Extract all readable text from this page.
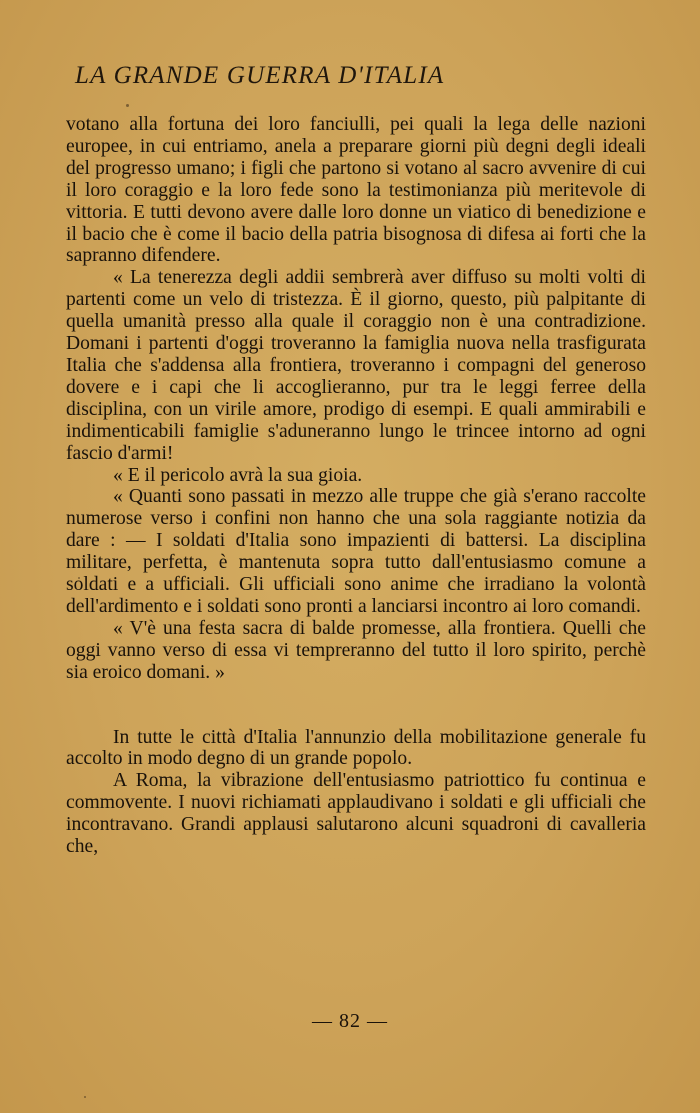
LA GRANDE GUERRA D'ITALIA

votano alla fortuna dei loro fanciulli, pei quali la lega delle nazioni europee, in cui entriamo, anela a preparare giorni più degni degli ideali del progresso umano; i figli che partono si votano al sacro avvenire di cui il loro coraggio e la loro fede sono la testimonianza più meritevole di vittoria. E tutti devono avere dalle loro donne un viatico di benedizione e il bacio che è come il bacio della patria bisognosa di difesa ai forti che la sapranno difendere.

« La tenerezza degli addii sembrerà aver diffuso su molti volti di partenti come un velo di tristezza. È il giorno, questo, più palpitante di quella umanità presso alla quale il coraggio non è una contradizione. Domani i partenti d'oggi troveranno la famiglia nuova nella trasfigurata Italia che s'addensa alla frontiera, troveranno i compagni del generoso dovere e i capi che li accoglieranno, pur tra le leggi ferree della disciplina, con un virile amore, prodigo di esempi. E quali ammirabili e indimenticabili famiglie s'aduneranno lungo le trincee intorno ad ogni fascio d'armi!

« E il pericolo avrà la sua gioia.

« Quanti sono passati in mezzo alle truppe che già s'erano raccolte numerose verso i confini non hanno che una sola raggiante notizia da dare : — I soldati d'Italia sono impazienti di battersi. La disciplina militare, perfetta, è mantenuta sopra tutto dall'entusiasmo comune a soldati e a ufficiali. Gli ufficiali sono anime che irradiano la volontà dell'ardimento e i soldati sono pronti a lanciarsi incontro ai loro comandi.

« V'è una festa sacra di balde promesse, alla frontiera. Quelli che oggi vanno verso di essa vi tempreranno del tutto il loro spirito, perchè sia eroico domani. »

In tutte le città d'Italia l'annunzio della mobilitazione generale fu accolto in modo degno di un grande popolo.

A Roma, la vibrazione dell'entusiasmo patriottico fu continua e commovente. I nuovi richiamati applaudivano i soldati e gli ufficiali che incontravano. Grandi applausi salutarono alcuni squadroni di cavalleria che,

— 82 —
